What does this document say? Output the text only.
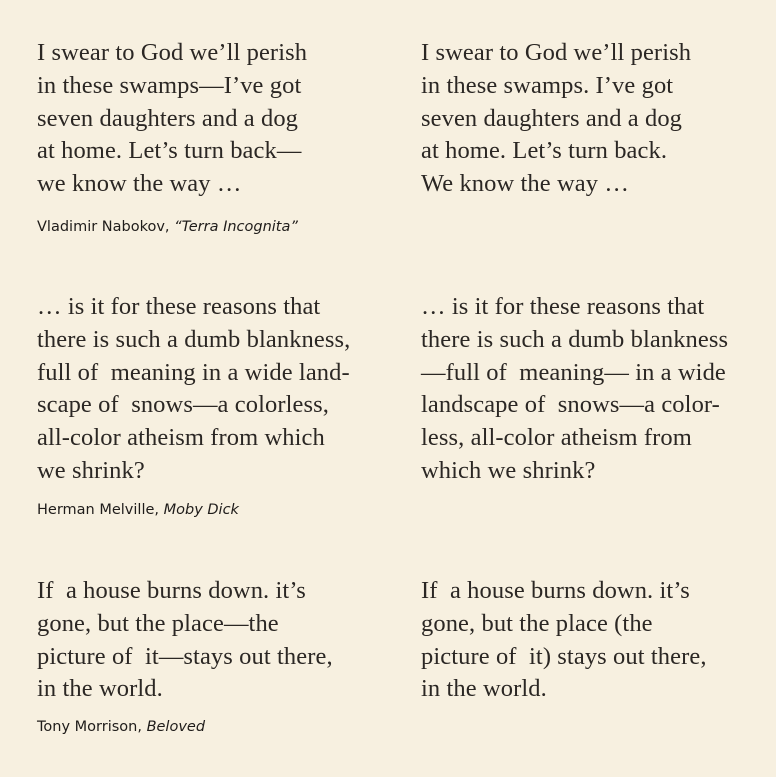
I swear to God we’ll perish
in these swamps—I’ve got
seven daughters and a dog
at home. Let’s turn back—
we know the way …

I swear to God we’ll perish
in these swamps. I’ve got
seven daughters and a dog
at home. Let’s turn back.
We know the way …

Vladimir Nabokov, “Terra Incognita”

… is it for these reasons that
there is such a dumb blankness,
full of  meaning in a wide land-
scape of  snows—a colorless,
all-color atheism from which
we shrink?

… is it for these reasons that
there is such a dumb blankness
—full of  meaning— in a wide
landscape of  snows—a color-
less, all-color atheism from
which we shrink?

Herman Melville, Moby Dick

If  a house burns down. it’s
gone, but the place—the
picture of  it—stays out there,
in the world.

If  a house burns down. it’s
gone, but the place (the
picture of  it) stays out there,
in the world.

Tony Morrison, Beloved
